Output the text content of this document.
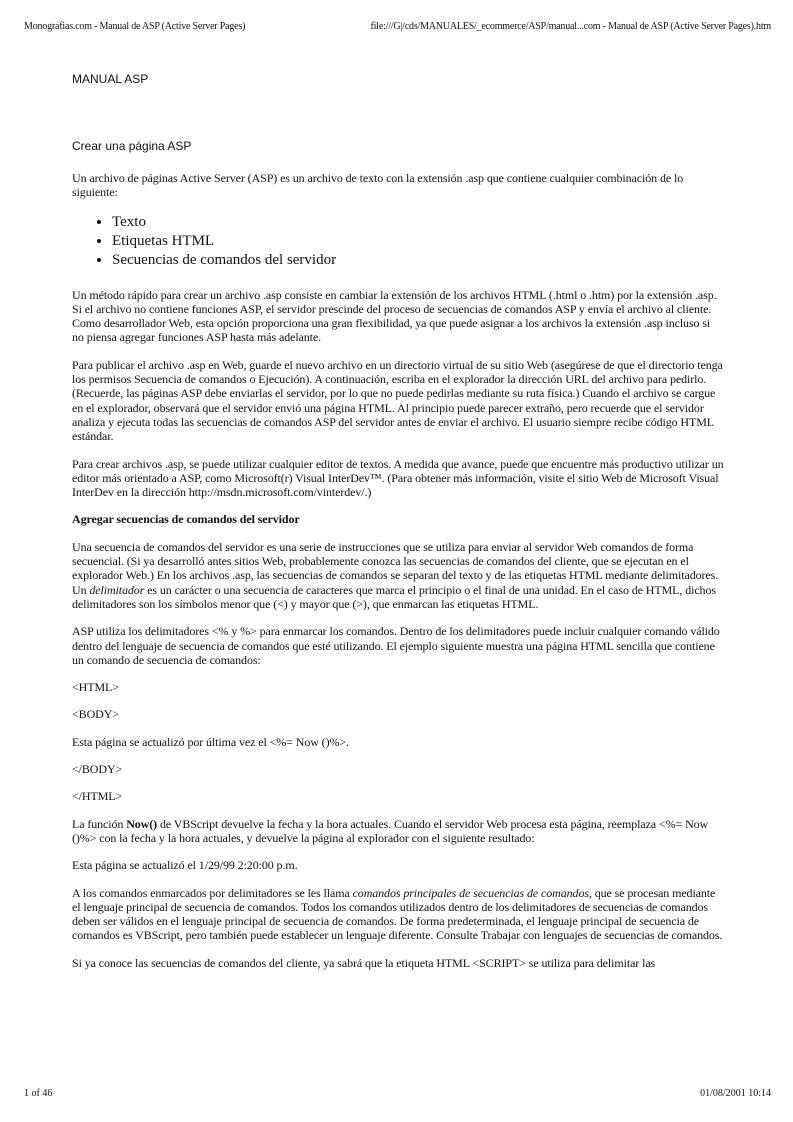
Monografias.com - Manual de ASP (Active Server Pages)	file:///G|/cds/MANUALES/_ecommerce/ASP/manual...com - Manual de ASP (Active Server Pages).htm
MANUAL ASP
Crear una página ASP

Un archivo de páginas Active Server (ASP) es un archivo de texto con la extensión .asp que contiene cualquier combinación de lo siguiente:

• Texto
• Etiquetas HTML
• Secuencias de comandos del servidor

Un método rápido para crear un archivo .asp consiste en cambiar la extensión de los archivos HTML (.html o .htm) por la extensión .asp. Si el archivo no contiene funciones ASP, el servidor prescinde del proceso de secuencias de comandos ASP y envía el archivo al cliente. Como desarrollador Web, esta opción proporciona una gran flexibilidad, ya que puede asignar a los archivos la extensión .asp incluso si no piensa agregar funciones ASP hasta más adelante.

Para publicar el archivo .asp en Web, guarde el nuevo archivo en un directorio virtual de su sitio Web (asegúrese de que el directorio tenga los permisos Secuencia de comandos o Ejecución). A continuación, escriba en el explorador la dirección URL del archivo para pedirlo. (Recuerde, las páginas ASP debe enviarlas el servidor, por lo que no puede pedirlas mediante su ruta física.) Cuando el archivo se cargue en el explorador, observará que el servidor envió una página HTML. Al principio puede parecer extraño, pero recuerde que el servidor analiza y ejecuta todas las secuencias de comandos ASP del servidor antes de enviar el archivo. El usuario siempre recibe código HTML estándar.

Para crear archivos .asp, se puede utilizar cualquier editor de textos. A medida que avance, puede que encuentre más productivo utilizar un editor más orientado a ASP, como Microsoft(r) Visual InterDev™. (Para obtener más información, visite el sitio Web de Microsoft Visual InterDev en la dirección http://msdn.microsoft.com/vinterdev/.)

Agregar secuencias de comandos del servidor

Una secuencia de comandos del servidor es una serie de instrucciones que se utiliza para enviar al servidor Web comandos de forma secuencial. (Si ya desarrolló antes sitios Web, probablemente conozca las secuencias de comandos del cliente, que se ejecutan en el explorador Web.) En los archivos .asp, las secuencias de comandos se separan del texto y de las etiquetas HTML mediante delimitadores. Un delimitador es un carácter o una secuencia de caracteres que marca el principio o el final de una unidad. En el caso de HTML, dichos delimitadores son los símbolos menor que (<) y mayor que (>), que enmarcan las etiquetas HTML.

ASP utiliza los delimitadores <% y %> para enmarcar los comandos. Dentro de los delimitadores puede incluir cualquier comando válido dentro del lenguaje de secuencia de comandos que esté utilizando. El ejemplo siguiente muestra una página HTML sencilla que contiene un comando de secuencia de comandos:

<HTML>

<BODY>

Esta página se actualizó por última vez el <%= Now ()%>.

</BODY>

</HTML>

La función Now() de VBScript devuelve la fecha y la hora actuales. Cuando el servidor Web procesa esta página, reemplaza <%= Now ()%> con la fecha y la hora actuales, y devuelve la página al explorador con el siguiente resultado:

Esta página se actualizó el 1/29/99 2:20:00 p.m.

A los comandos enmarcados por delimitadores se les llama comandos principales de secuencias de comandos, que se procesan mediante el lenguaje principal de secuencia de comandos. Todos los comandos utilizados dentro de los delimitadores de secuencias de comandos deben ser válidos en el lenguaje principal de secuencia de comandos. De forma predeterminada, el lenguaje principal de secuencia de comandos es VBScript, pero también puede establecer un lenguaje diferente. Consulte Trabajar con lenguajes de secuencias de comandos.

Si ya conoce las secuencias de comandos del cliente, ya sabrá que la etiqueta HTML <SCRIPT> se utiliza para delimitar las

1 of 46	01/08/2001 10:14
